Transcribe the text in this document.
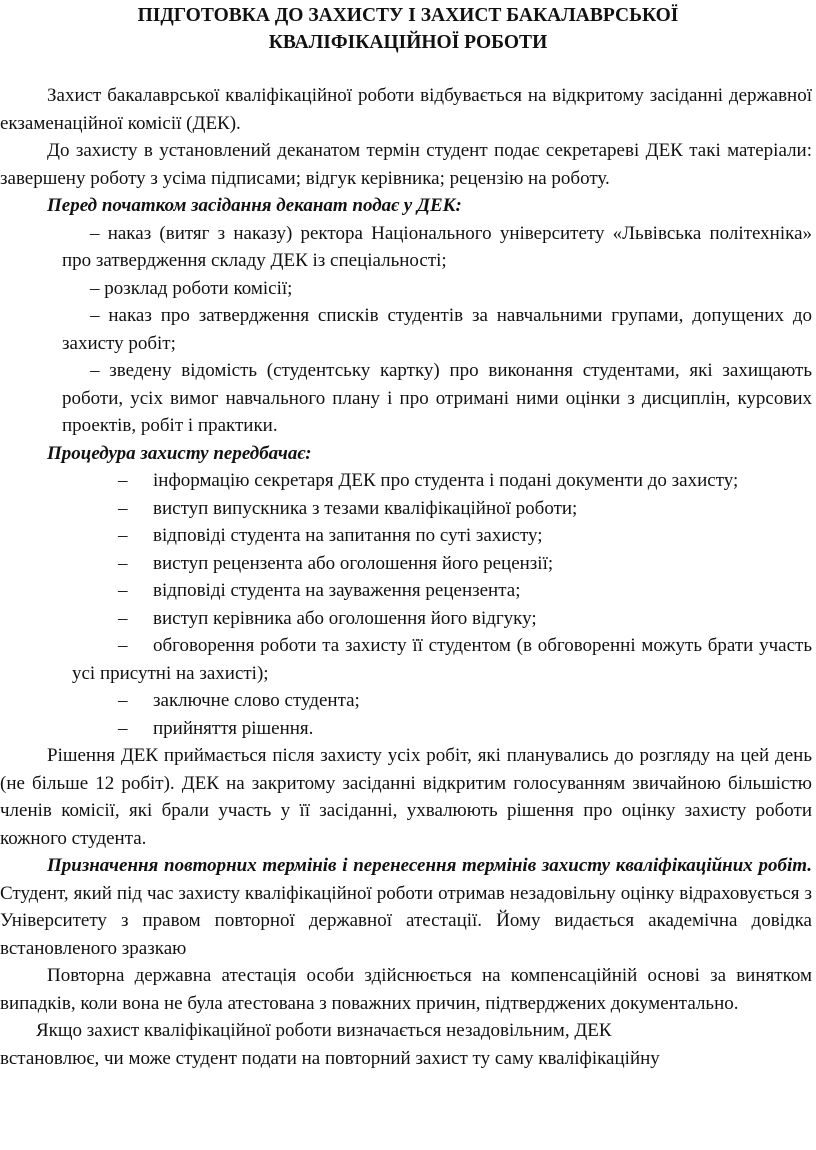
ПІДГОТОВКА ДО ЗАХИСТУ І ЗАХИСТ БАКАЛАВРСЬКОЇ
КВАЛІФІКАЦІЙНОЇ РОБОТИ

Захист бакалаврської кваліфікаційної роботи відбувається на відкритому засіданні державної екзаменаційної комісії (ДЕК).

До захисту в установлений деканатом термін студент подає секретареві ДЕК такі матеріали: завершену роботу з усіма підписами; відгук керівника; рецензію на роботу.

Перед початком засідання деканат подає у ДЕК:

– наказ (витяг з наказу) ректора Національного університету «Львівська політехніка» про затвердження складу ДЕК із спеціальності;

– розклад роботи комісії;

– наказ про затвердження списків студентів за навчальними групами, допущених до захисту робіт;

– зведену відомість (студентську картку) про виконання студентами, які захищають роботи, усіх вимог навчального плану і про отримані ними оцінки з дисциплін, курсових проектів, робіт і практики.

Процедура захисту передбачає:

– інформацію секретаря ДЕК про студента і подані документи до захисту;

– виступ випускника з тезами кваліфікаційної роботи;

– відповіді студента на запитання по суті захисту;

– виступ рецензента або оголошення його рецензії;

– відповіді студента на зауваження рецензента;

– виступ керівника або оголошення його відгуку;

– обговорення роботи та захисту її студентом (в обговоренні можуть брати участь усі присутні на захисті);

– заключне слово студента;

– прийняття рішення.

Рішення ДЕК приймається після захисту усіх робіт, які планувались до розгляду на цей день (не більше 12 робіт). ДЕК на закритому засіданні відкритим голосуванням звичайною більшістю членів комісії, які брали участь у її засіданні, ухвалюють рішення про оцінку захисту роботи кожного студента.

Призначення повторних термінів і перенесення термінів захисту кваліфікаційних робіт. Студент, який під час захисту кваліфікаційної роботи отримав незадовільну оцінку відраховується з Університету з правом повторної державної атестації. Йому видається академічна довідка встановленого зразкаю

Повторна державна атестація особи здійснюється на компенсаційній основі за винятком випадків, коли вона не була атестована з поважних причин, підтверджених документально.

Якщо захист кваліфікаційної роботи визначається незадовільним, ДЕК
встановлює, чи може студент подати на повторний захист ту саму кваліфікаційну
